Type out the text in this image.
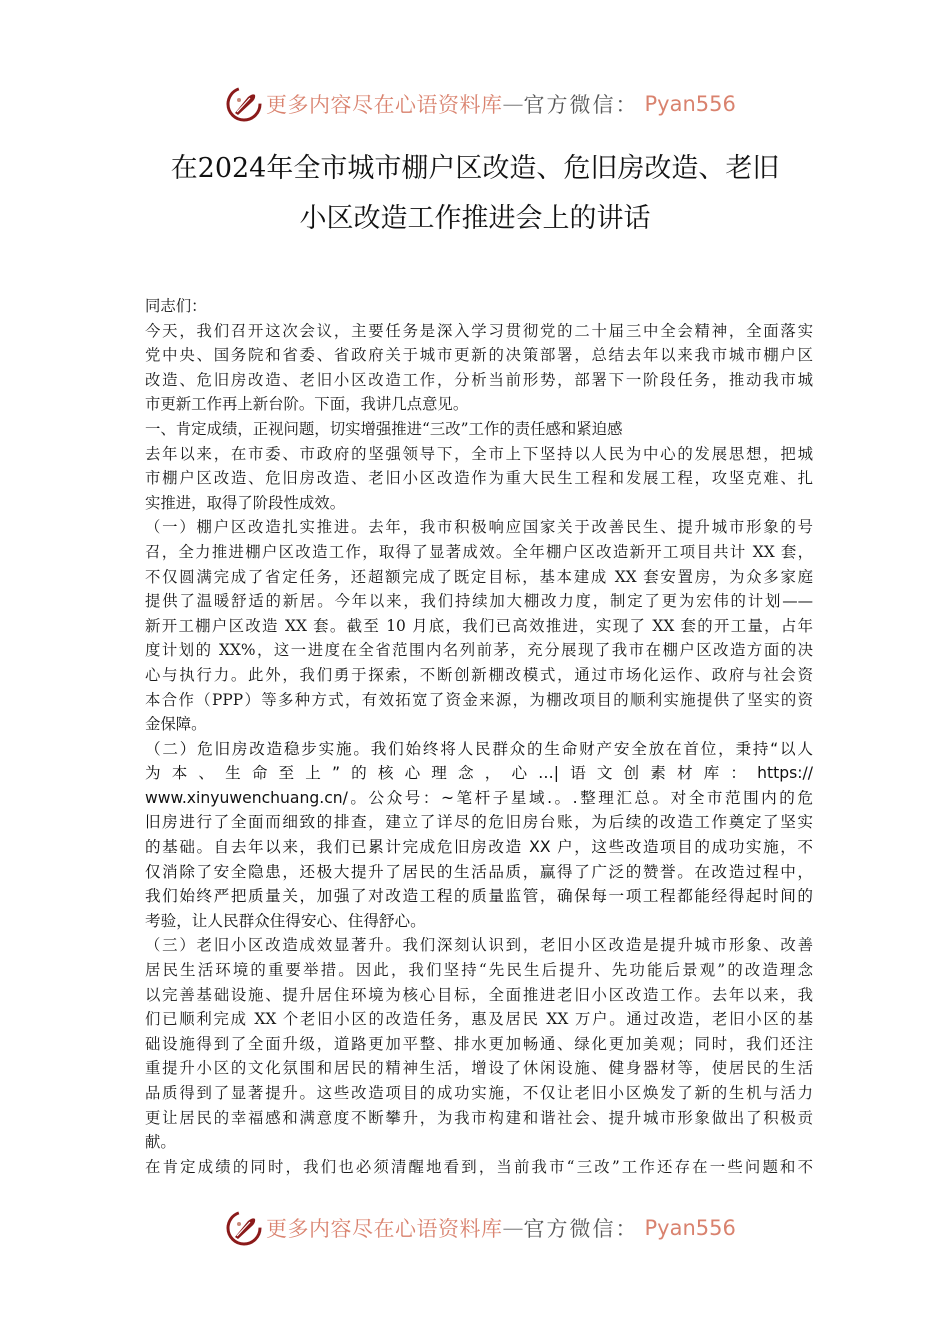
更多内容尽在心语资料库 — 官方微信： Pyan556
在2024年全市城市棚户区改造、危旧房改造、老旧
小区改造工作推进会上的讲话
同志们：
今天，我们召开这次会议，主要任务是深入学习贯彻党的二十届三中全会精神，全面落实
党中央、国务院和省委、省政府关于城市更新的决策部署，总结去年以来我市城市棚户区
改造、危旧房改造、老旧小区改造工作，分析当前形势，部署下一阶段任务，推动我市城
市更新工作再上新台阶。下面，我讲几点意见。
一、肯定成绩，正视问题，切实增强推进“三改”工作的责任感和紧迫感
去年以来，在市委、市政府的坚强领导下，全市上下坚持以人民为中心的发展思想，把城
市棚户区改造、危旧房改造、老旧小区改造作为重大民生工程和发展工程，攻坚克难、扎
实推进，取得了阶段性成效。
（一）棚户区改造扎实推进。去年，我市积极响应国家关于改善民生、提升城市形象的号
召，全力推进棚户区改造工作，取得了显著成效。全年棚户区改造新开工项目共计 XX 套，
不仅圆满完成了省定任务，还超额完成了既定目标，基本建成 XX 套安置房，为众多家庭
提供了温暖舒适的新居。今年以来，我们持续加大棚改力度，制定了更为宏伟的计划——
新开工棚户区改造 XX 套。截至 10 月底，我们已高效推进，实现了 XX 套的开工量，占年
度计划的 XX%，这一进度在全省范围内名列前茅，充分展现了我市在棚户区改造方面的决
心与执行力。此外，我们勇于探索，不断创新棚改模式，通过市场化运作、政府与社会资
本合作（PPP）等多种方式，有效拓宽了资金来源，为棚改项目的顺利实施提供了坚实的资
金保障。
（二）危旧房改造稳步实施。我们始终将人民群众的生命财产安全放在首位，秉持“以人
为本、生命至上”的核心理念，心…|语文创素材库：https://
www.xinyuwenchuang.cn/。公众号：~笔杆子星域.。.整理汇总。对全市范围内的危
旧房进行了全面而细致的排查，建立了详尽的危旧房台账，为后续的改造工作奠定了坚实
的基础。自去年以来，我们已累计完成危旧房改造 XX 户，这些改造项目的成功实施，不
仅消除了安全隐患，还极大提升了居民的生活品质，赢得了广泛的赞誉。在改造过程中，
我们始终严把质量关，加强了对改造工程的质量监管，确保每一项工程都能经得起时间的
考验，让人民群众住得安心、住得舒心。
（三）老旧小区改造成效显著升。我们深刻认识到，老旧小区改造是提升城市形象、改善
居民生活环境的重要举措。因此，我们坚持“先民生后提升、先功能后景观”的改造理念
以完善基础设施、提升居住环境为核心目标，全面推进老旧小区改造工作。去年以来，我
们已顺利完成 XX 个老旧小区的改造任务，惠及居民 XX 万户。通过改造，老旧小区的基
础设施得到了全面升级，道路更加平整、排水更加畅通、绿化更加美观；同时，我们还注
重提升小区的文化氛围和居民的精神生活，增设了休闲设施、健身器材等，使居民的生活
品质得到了显著提升。这些改造项目的成功实施，不仅让老旧小区焕发了新的生机与活力
更让居民的幸福感和满意度不断攀升，为我市构建和谐社会、提升城市形象做出了积极贡
献。
在肯定成绩的同时，我们也必须清醒地看到，当前我市“三改”工作还存在一些问题和不
更多内容尽在心语资料库 — 官方微信： Pyan556
